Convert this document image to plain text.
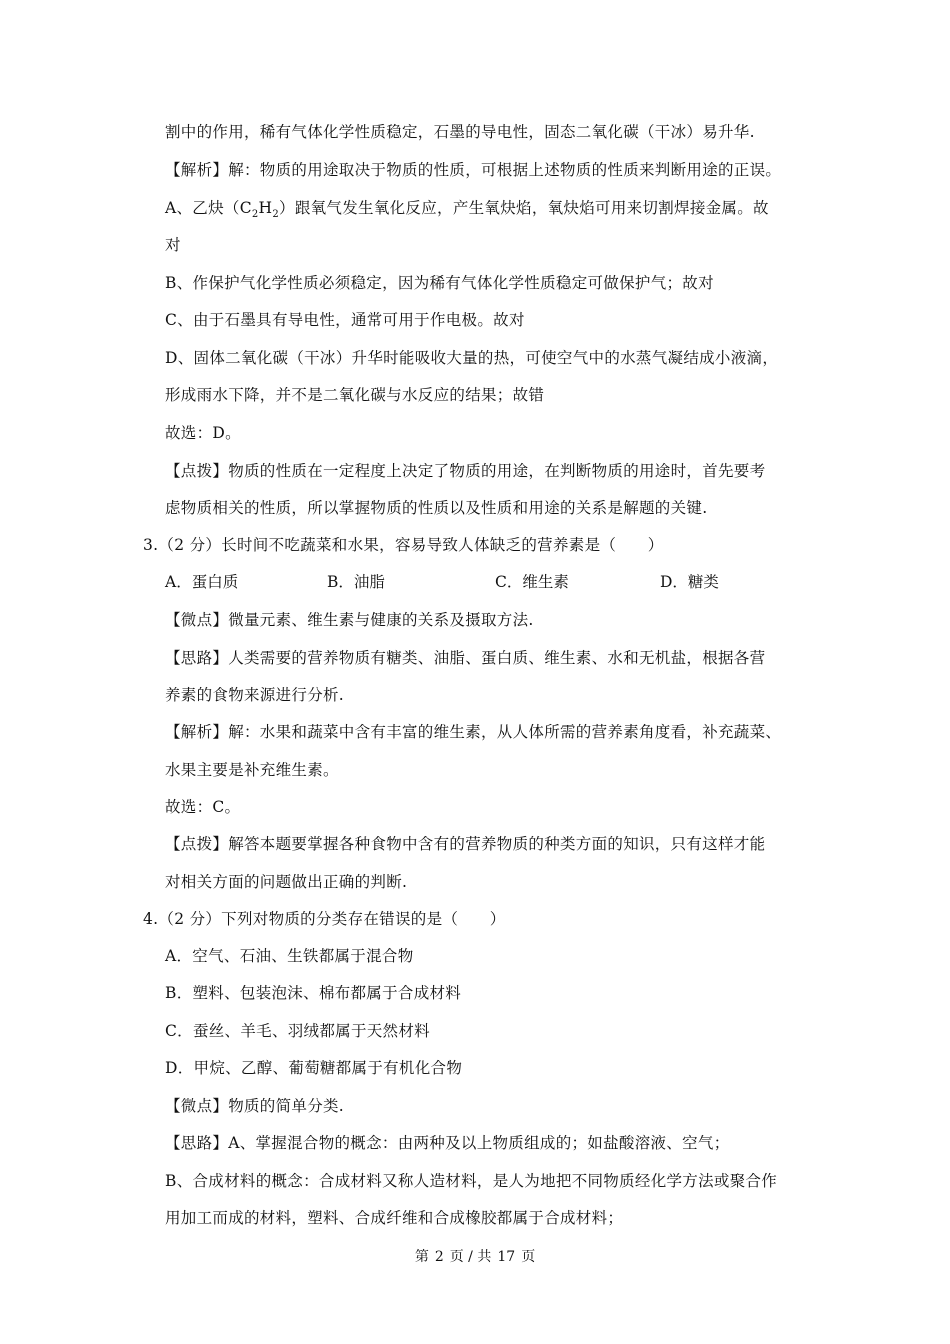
割中的作用，稀有气体化学性质稳定，石墨的导电性，固态二氧化碳（干冰）易升华.
【解析】解：物质的用途取决于物质的性质，可根据上述物质的性质来判断用途的正误。
A、乙炔$(C_2H_2)$跟氧气发生氧化反应，产生氧炔焰，氧炔焰可用来切割焊接金属。故
对
B、作保护气化学性质必须稳定，因为稀有气体化学性质稳定可做保护气；故对
C、由于石墨具有导电性，通常可用于作电极。故对
D、固体二氧化碳（干冰）升华时能吸收大量的热，可使空气中的水蒸气凝结成小液滴，
形成雨水下降，并不是二氧化碳与水反应的结果；故错
故选：D。
【点拨】物质的性质在一定程度上决定了物质的用途，在判断物质的用途时，首先要考
虑物质相关的性质，所以掌握物质的性质以及性质和用途的关系是解题的关键.
3.（2 分）长时间不吃蔬菜和水果，容易导致人体缺乏的营养素是（　　）
A．蛋白质	B．油脂	C．维生素	D．糖类
【微点】微量元素、维生素与健康的关系及摄取方法.
【思路】人类需要的营养物质有糖类、油脂、蛋白质、维生素、水和无机盐，根据各营
养素的食物来源进行分析.
【解析】解：水果和蔬菜中含有丰富的维生素，从人体所需的营养素角度看，补充蔬菜、
水果主要是补充维生素。
故选：C。
【点拨】解答本题要掌握各种食物中含有的营养物质的种类方面的知识，只有这样才能
对相关方面的问题做出正确的判断.
4.（2 分）下列对物质的分类存在错误的是（　　）
A．空气、石油、生铁都属于混合物
B．塑料、包装泡沫、棉布都属于合成材料
C．蚕丝、羊毛、羽绒都属于天然材料
D．甲烷、乙醇、葡萄糖都属于有机化合物
【微点】物质的简单分类.
【思路】A、掌握混合物的概念：由两种及以上物质组成的；如盐酸溶液、空气；
B、合成材料的概念：合成材料又称人造材料，是人为地把不同物质经化学方法或聚合作
用加工而成的材料，塑料、合成纤维和合成橡胶都属于合成材料；
第 2 页 / 共 17 页
